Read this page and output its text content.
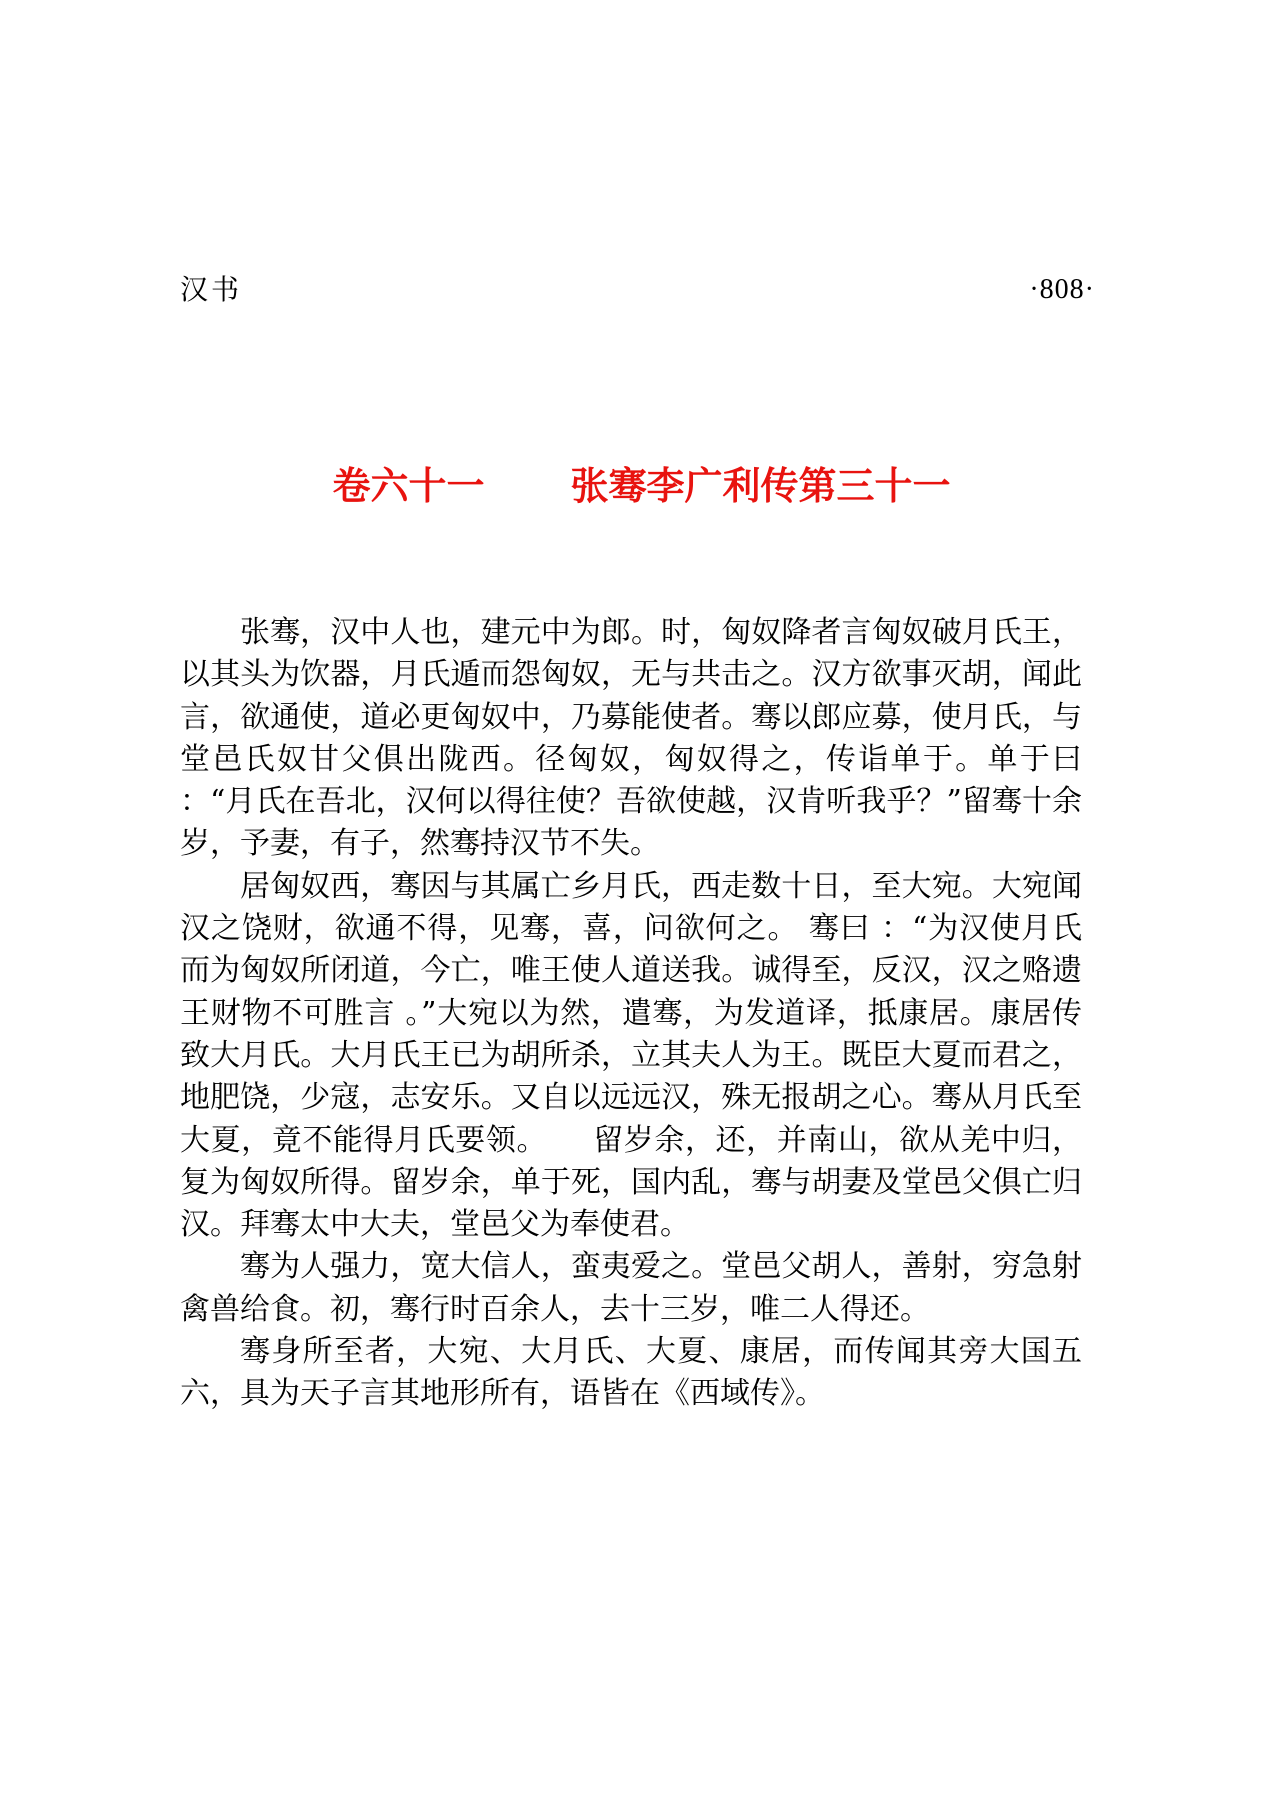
汉书	·808·
卷六十一 张骞李广利传第三十一

张骞，汉中人也，建元中为郎。时，匈奴降者言匈奴破月氏王，以其头为饮器，月氏遁而怨匈奴，无与共击之。汉方欲事灭胡，闻此言，欲通使，道必更匈奴中，乃募能使者。骞以郎应募，使月氏，与堂邑氏奴甘父俱出陇西。径匈奴，匈奴得之，传诣单于。单于曰 ：“月氏在吾北，汉何以得往使？吾欲使越，汉肯听我乎？”留骞十余岁，予妻，有子，然骞持汉节不失。

居匈奴西，骞因与其属亡乡月氏，西走数十日，至大宛。大宛闻汉之饶财，欲通不得，见骞，喜，问欲何之。 骞曰 ：“为汉使月氏而为匈奴所闭道，今亡，唯王使人道送我。诚得至，反汉，汉之赂遗王财物不可胜言 。”大宛以为然，遣骞，为发道译，抵康居。康居传致大月氏。大月氏王已为胡所杀，立其夫人为王。既臣大夏而君之，地肥饶，少寇，志安乐。又自以远远汉，殊无报胡之心。骞从月氏至大夏，竟不能得月氏要领。　　留岁余，还，并南山，欲从羌中归，复为匈奴所得。留岁余，单于死，国内乱，骞与胡妻及堂邑父俱亡归汉。拜骞太中大夫，堂邑父为奉使君。

骞为人强力，宽大信人，蛮夷爱之。堂邑父胡人，善射，穷急射禽兽给食。初，骞行时百余人，去十三岁，唯二人得还。

骞身所至者，大宛、大月氏、大夏、康居，而传闻其旁大国五六，具为天子言其地形所有，语皆在《西域传》。
